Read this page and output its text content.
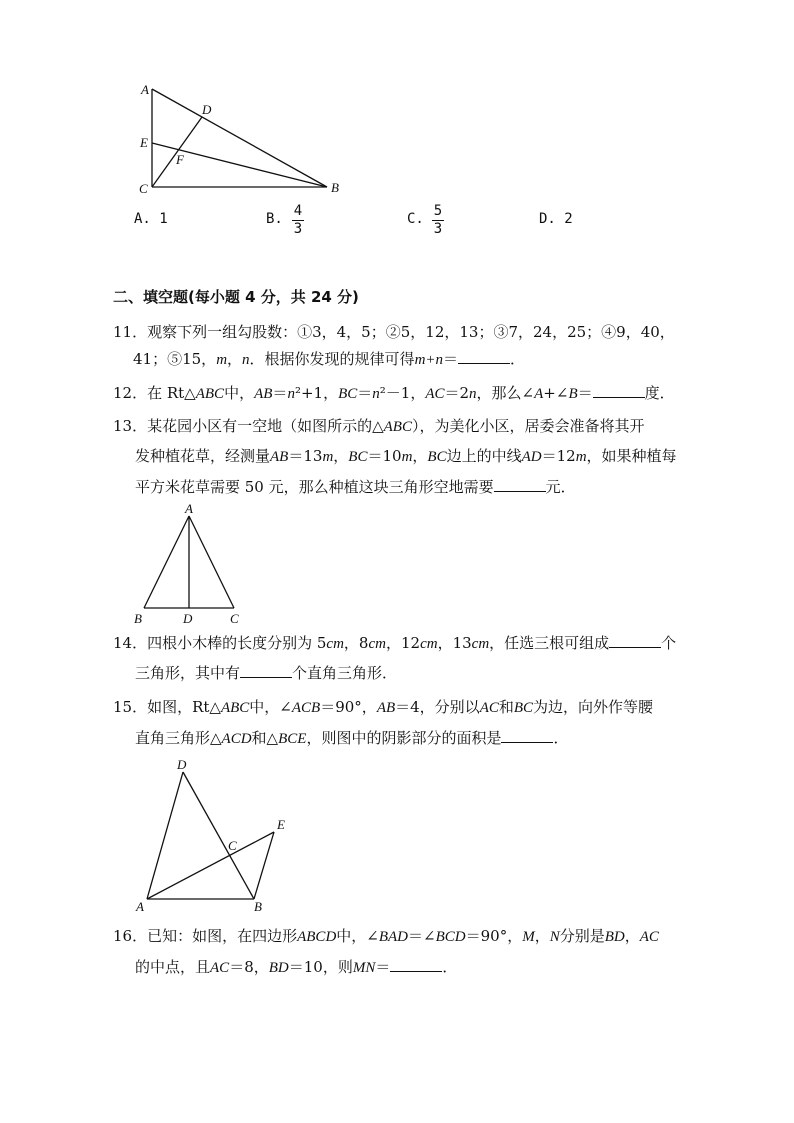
A
D
E
F
C	B
A. 1	B. 4
3
C. 5
3
D. 2
二、填空题(每小题 4 分，共 24 分)
11．观察下列一组勾股数：①3，4，5；②5，12，13；③7，24，25；④9，40，
41；⑤15，m，n．根据你发现的规律可得m+n＝	．
12．在 Rt△ABC中，AB＝n²+1，BC＝n²－1，AC＝2n，那么∠A+∠B＝	度．
13．某花园小区有一空地（如图所示的△ABC），为美化小区，居委会准备将其开
发种植花草，经测量AB＝13m，BC＝10m，BC边上的中线AD＝12m，如果种植每
平方米花草需要 50 元，那么种植这块三角形空地需要	元．
A
B	D	C
14．四根小木棒的长度分别为 5cm，8cm，12cm，13cm，任选三根可组成	个
三角形，其中有	个直角三角形．
15．如图，Rt△ABC中，∠ACB＝90°，AB＝4，分别以AC和BC为边，向外作等腰
直角三角形△ACD和△BCE，则图中的阴影部分的面积是	．
D
E
C
A	B
16．已知：如图，在四边形ABCD中，∠BAD＝∠BCD＝90°，M，N分别是BD，AC
的中点，且AC＝8，BD＝10，则MN＝	．
